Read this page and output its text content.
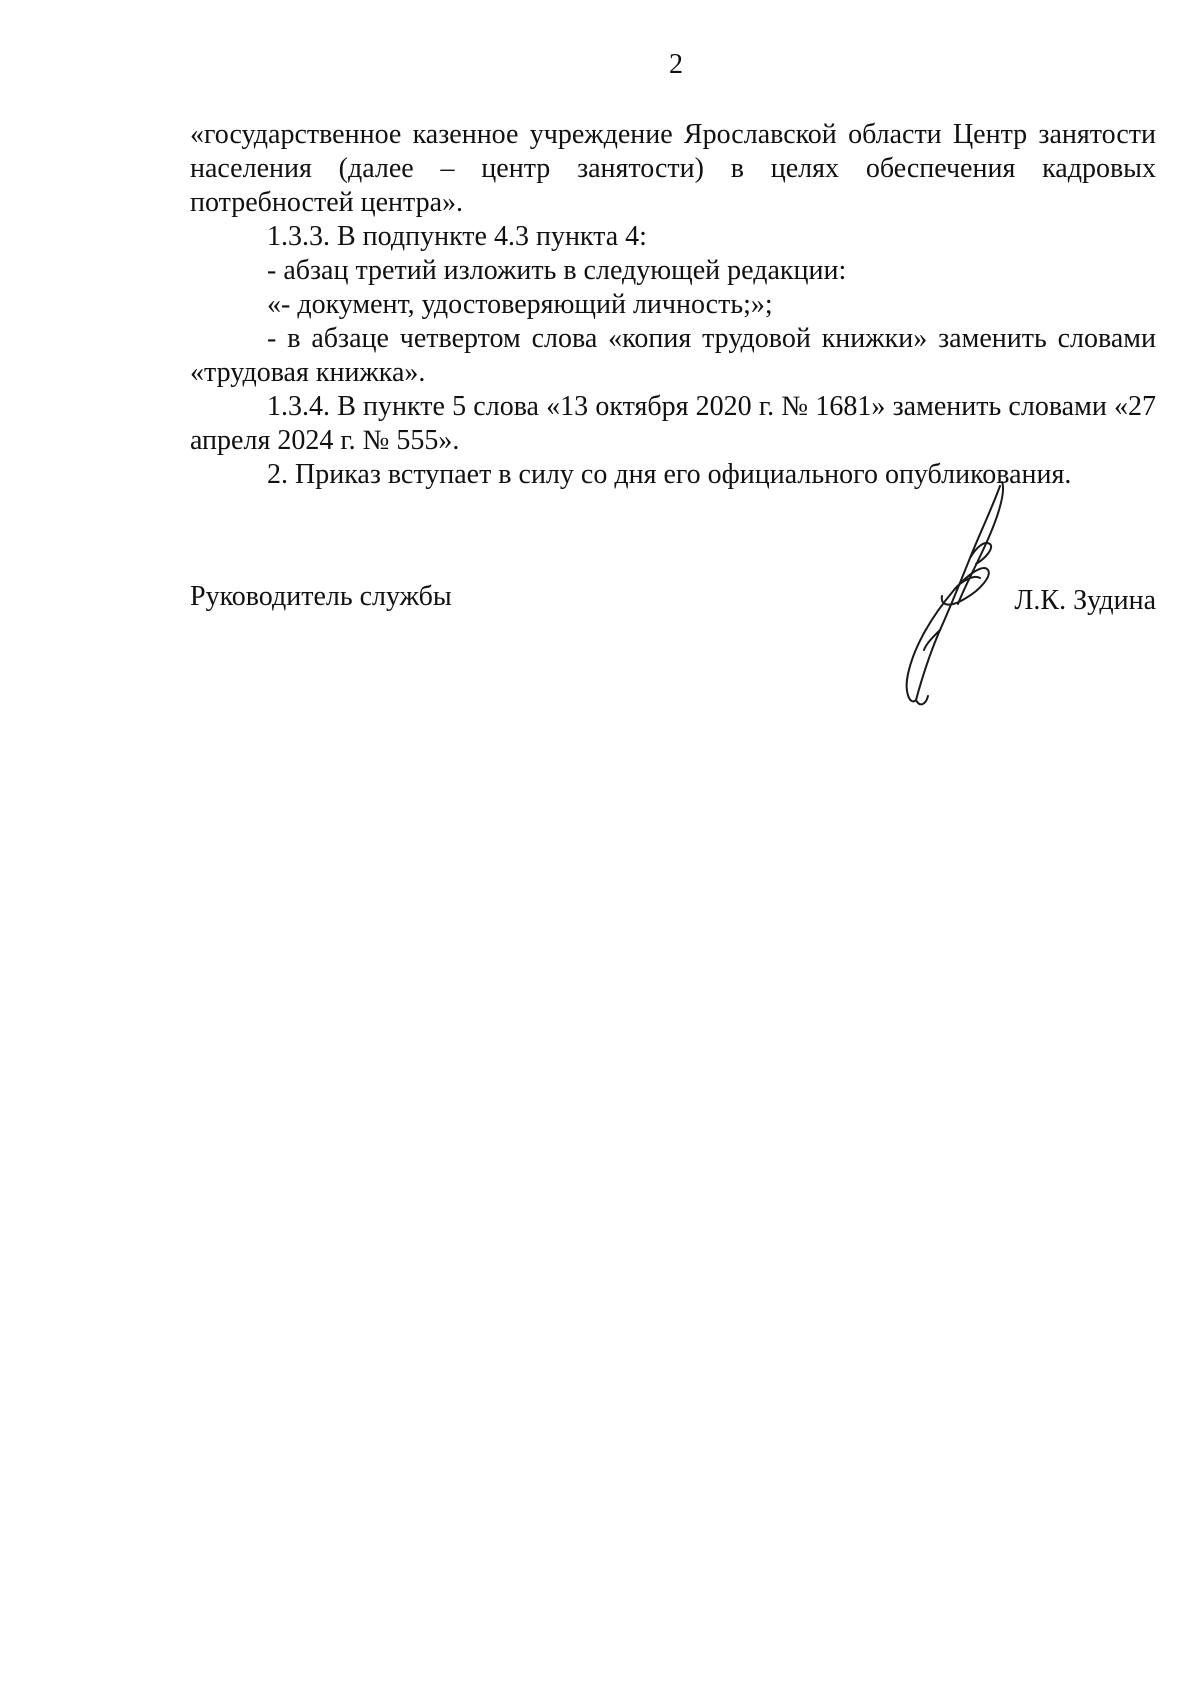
2

«государственное казенное учреждение Ярославской области Центр занятости населения (далее – центр занятости) в целях обеспечения кадровых потребностей центра».

1.3.3. В подпункте 4.3 пункта 4:

- абзац третий изложить в следующей редакции:

«- документ, удостоверяющий личность;»;

- в абзаце четвертом слова «копия трудовой книжки» заменить словами «трудовая книжка».

1.3.4. В пункте 5 слова «13 октября 2020 г. № 1681» заменить словами «27 апреля 2024 г. № 555».

2. Приказ вступает в силу со дня его официального опубликования.

Руководитель службы	Л.К. Зудина
